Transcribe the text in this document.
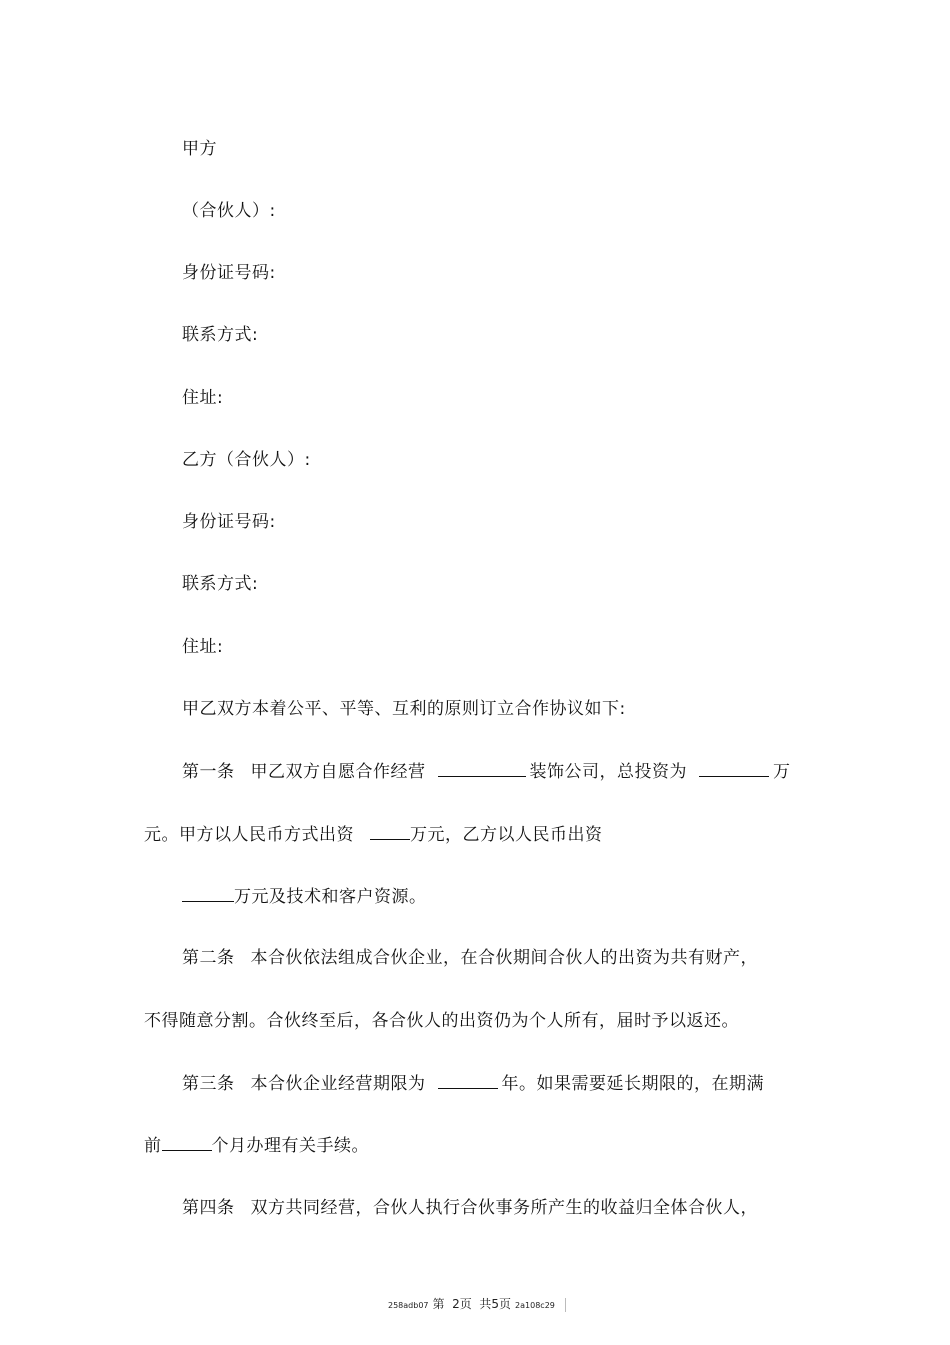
甲方
（合伙人）:
身份证号码:
联系方式:
住址:
乙方（合伙人）:
身份证号码:
联系方式:
住址:
甲乙双方本着公平、平等、互利的原则订立合作协议如下:
第一条 甲乙双方自愿合作经营	装饰公司，总投资为	万
元。甲方以人民币方式出资	万元，乙方以人民币出资
万元及技术和客户资源。
第二条 本合伙依法组成合伙企业，在合伙期间合伙人的出资为共有财产，
不得随意分割。合伙终至后，各合伙人的出资仍为个人所有，届时予以返还。
第三条 本合伙企业经营期限为	年。如果需要延长期限的，在期满
前	个月办理有关手续。
第四条 双方共同经营，合伙人执行合伙事务所产生的收益归全体合伙人，
258adb07 第  2页  共5页 2a108c29
